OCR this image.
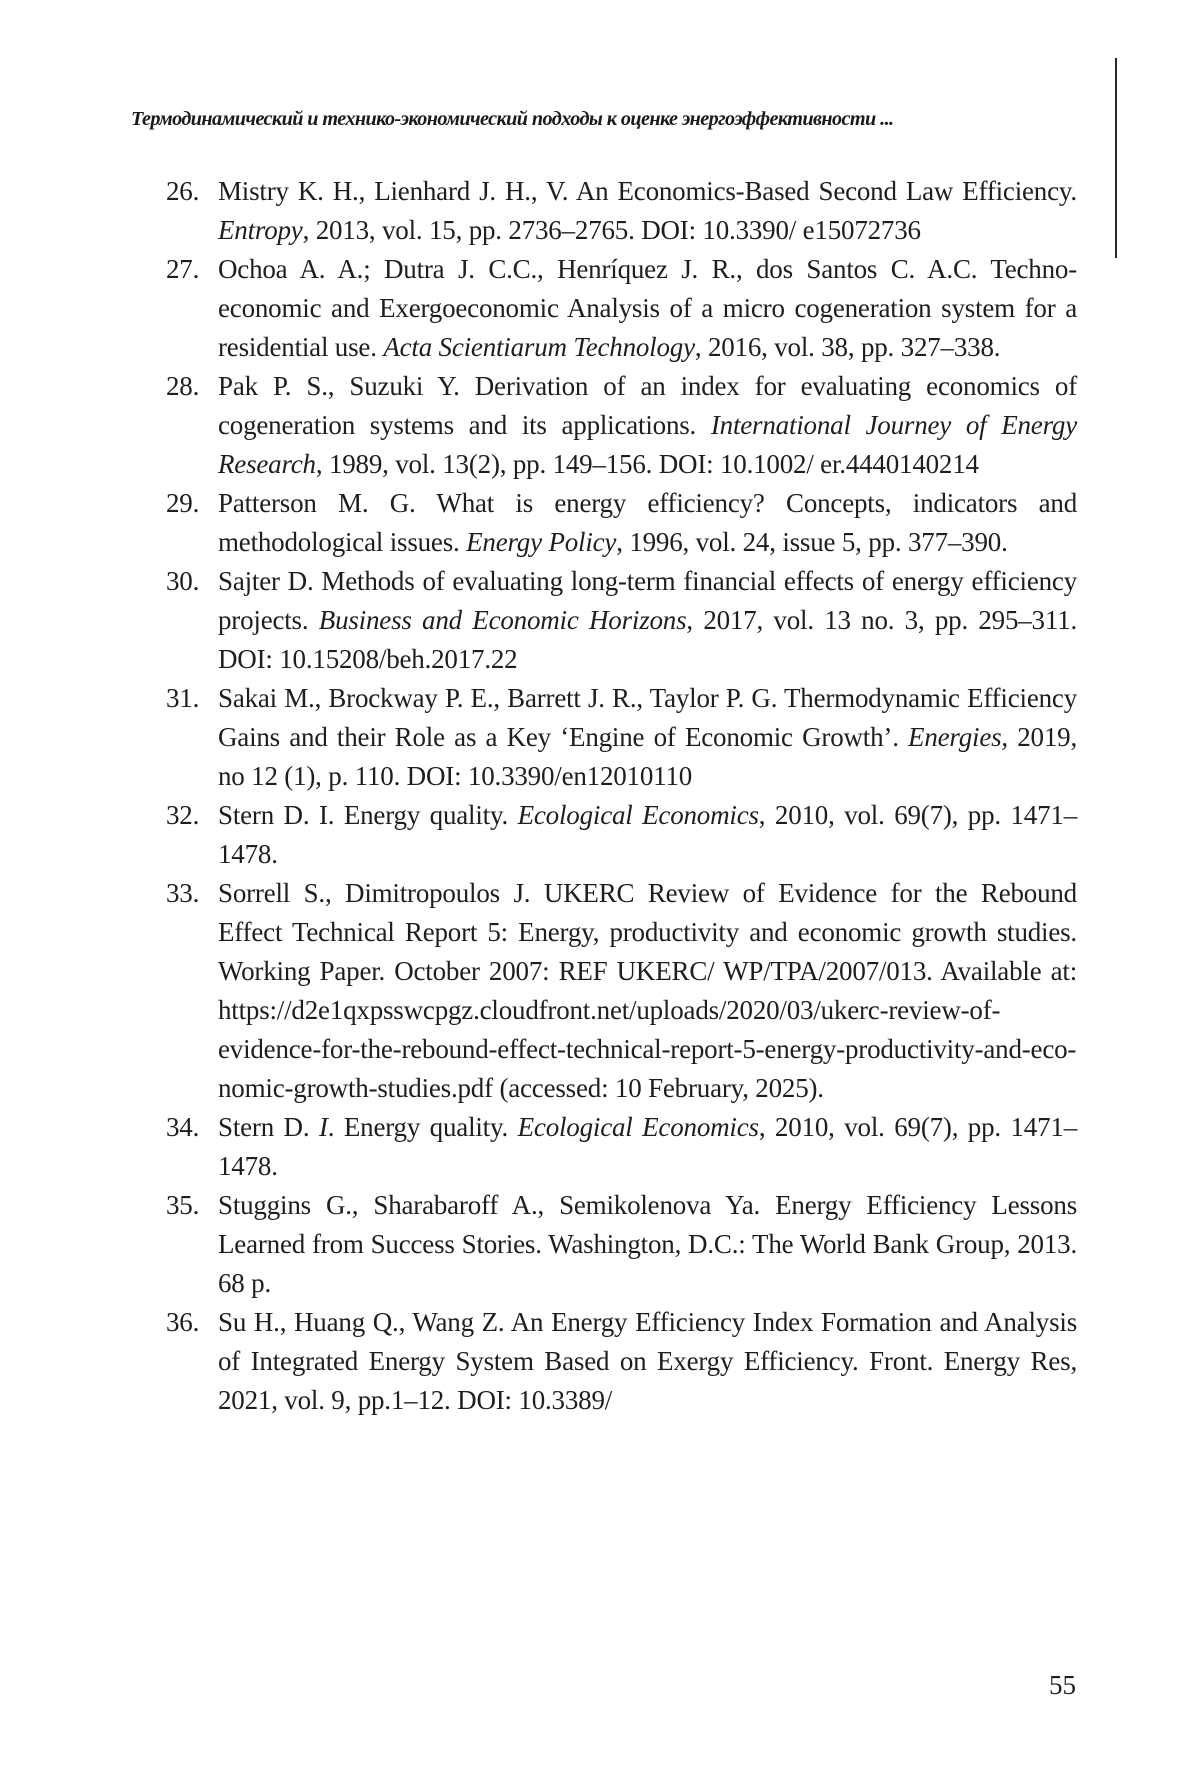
Термодинамический и технико-экономический подходы к оценке энергоэффективности ...
26. Mistry K. H., Lienhard J. H., V. An Economics-Based Second Law Efficiency. Entropy, 2013, vol. 15, pp. 2736–2765. DOI: 10.3390/ e15072736
27. Ochoa A. A.; Dutra J. C.C., Henríquez J. R., dos Santos C. A.C. Techno-economic and Exergoeconomic Analysis of a micro cogeneration system for a residential use. Acta Scientiarum Technology, 2016, vol. 38, pp. 327–338.
28. Pak P. S., Suzuki Y. Derivation of an index for evaluating economics of cogeneration systems and its applications. International Journey of Energy Research, 1989, vol. 13(2), pp. 149–156. DOI: 10.1002/ er.4440140214
29. Patterson M. G. What is energy efficiency? Concepts, indicators and methodological issues. Energy Policy, 1996, vol. 24, issue 5, pp. 377–390.
30. Sajter D. Methods of evaluating long-term financial effects of energy efficiency projects. Business and Economic Horizons, 2017, vol. 13 no. 3, pp. 295–311. DOI: 10.15208/beh.2017.22
31. Sakai M., Brockway P. E., Barrett J. R., Taylor P. G. Thermodynamic Efficiency Gains and their Role as a Key ‘Engine of Economic Growth’. Energies, 2019, no 12 (1), p. 110. DOI: 10.3390/en12010110
32. Stern D. I. Energy quality. Ecological Economics, 2010, vol. 69(7), pp. 1471–1478.
33. Sorrell S., Dimitropoulos J. UKERC Review of Evidence for the Rebound Effect Technical Report 5: Energy, productivity and economic growth studies. Working Paper. October 2007: REF UKERC/ WP/TPA/2007/013. Available at: https://d2e1qxpsswcpgz.cloudfront.net/uploads/2020/03/ukerc-review-of-evidence-for-the-​rebound-effect-technical-report-5-energy-productivity-and-economic-growth-studies.pdf (accessed: 10 February, 2025).
34. Stern D. I. Energy quality. Ecological Economics, 2010, vol. 69(7), pp. 1471–1478.
35. Stuggins G., Sharabaroff A., Semikolenova Ya. Energy Efficiency Lessons Learned from Success Stories. Washington, D.C.: The World Bank Group, 2013. 68 p.
36. Su H., Huang Q., Wang Z. An Energy Efficiency Index Formation and Analysis of Integrated Energy System Based on Exergy Efficiency. Front. Energy Res, 2021, vol. 9, pp.1–12. DOI: 10.3389/
55
